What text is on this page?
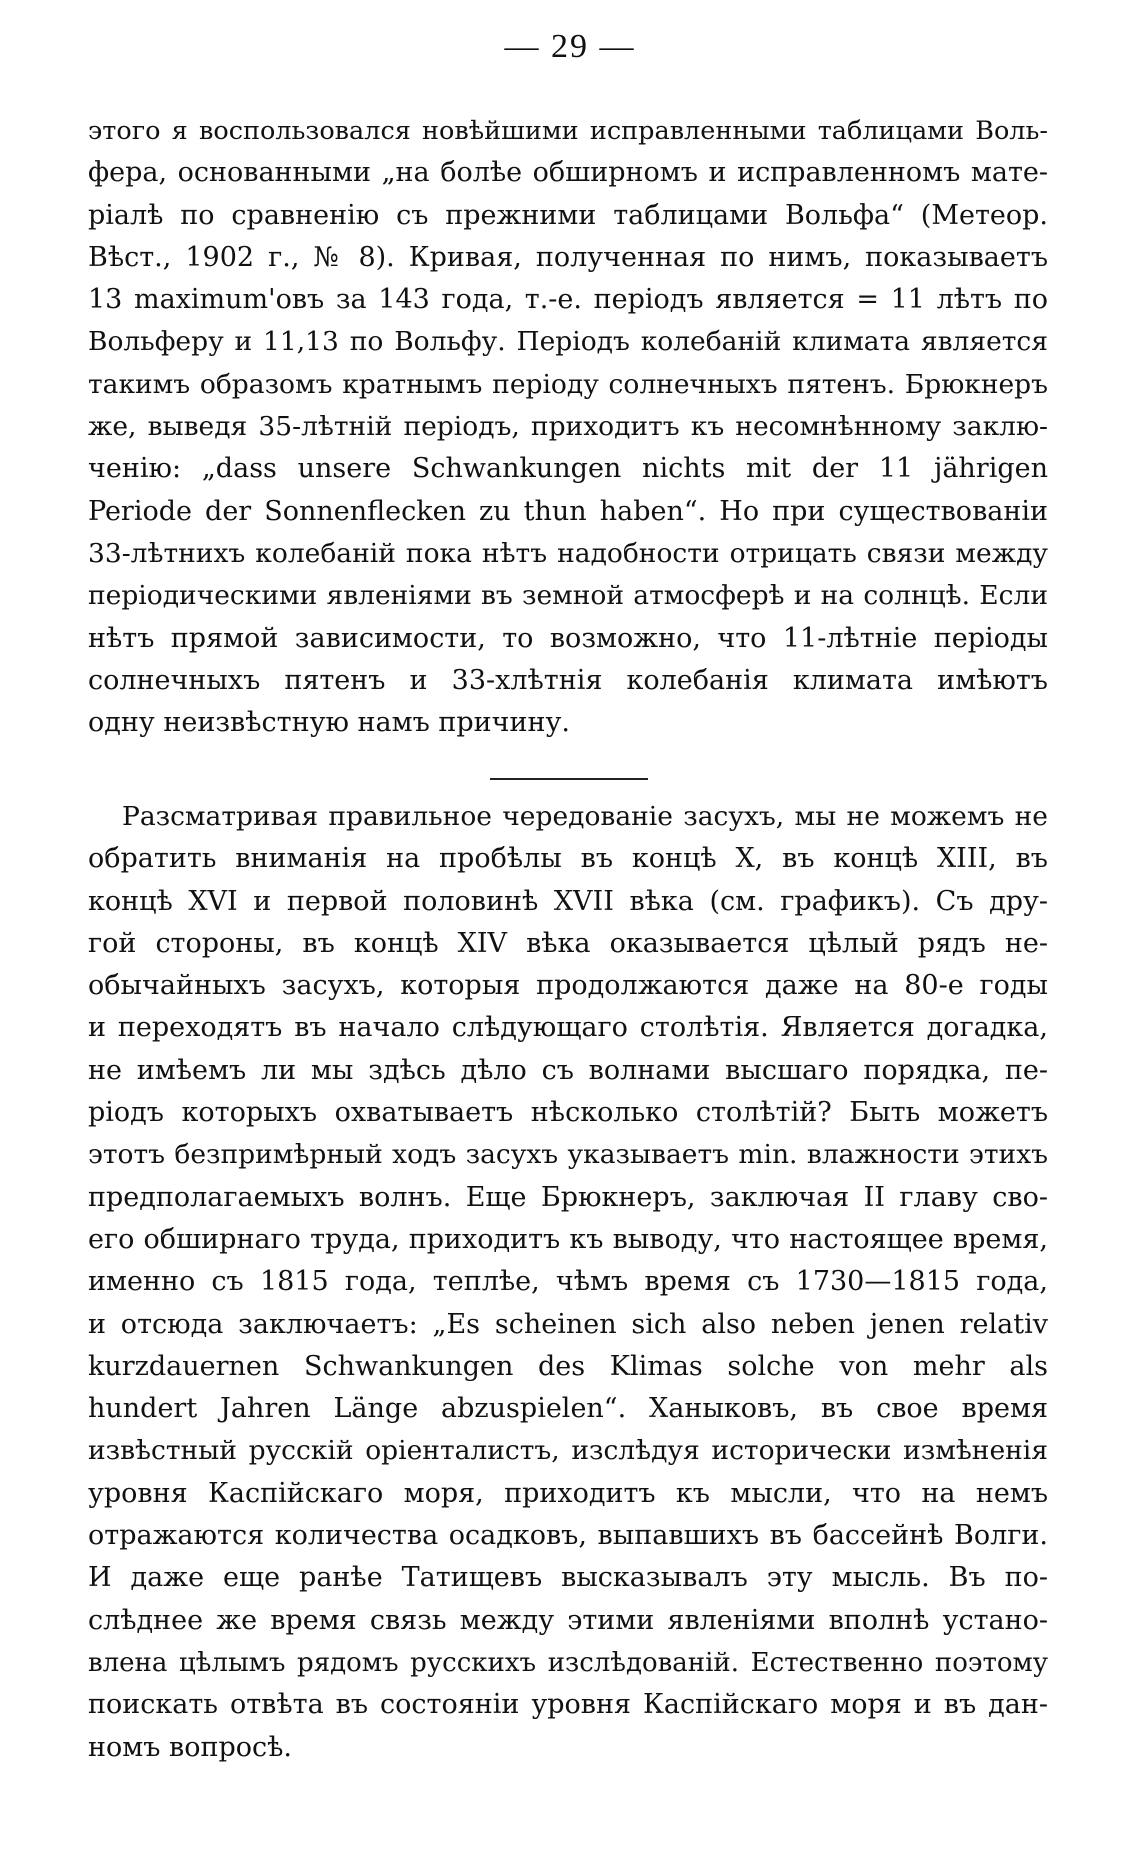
— 29 —
этого я воспользовался новѣйшими исправленными таблицами Воль-
фера, основанными „на болѣе обширномъ и исправленномъ мате-
ріалѣ по сравненію съ прежними таблицами Вольфа“ (Метеор.
Вѣст., 1902 г., № 8). Кривая, полученная по нимъ, показываетъ
13 maximum'овъ за 143 года, т.-е. періодъ является = 11 лѣтъ по
Вольферу и 11,13 по Вольфу. Періодъ колебаній климата является
такимъ образомъ кратнымъ періоду солнечныхъ пятенъ. Брюкнеръ
же, выведя 35-лѣтній періодъ, приходитъ къ несомнѣнному заклю-
ченію: „dass unsere Schwankungen nichts mit der 11 jährigen
Periode der Sonnenflecken zu thun haben“. Но при существованіи
33-лѣтнихъ колебаній пока нѣтъ надобности отрицать связи между
періодическими явленіями въ земной атмосферѣ и на солнцѣ. Если
нѣтъ прямой зависимости, то возможно, что 11-лѣтніе періоды
солнечныхъ пятенъ и 33-хлѣтнія колебанія климата имѣютъ
одну неизвѣстную намъ причину.
Разсматривая правильное чередованіе засухъ, мы не можемъ не
обратить вниманія на пробѣлы въ концѣ X, въ концѣ XIII, въ
концѣ XVI и первой половинѣ XVII вѣка (см. графикъ). Съ дру-
гой стороны, въ концѣ XIV вѣка оказывается цѣлый рядъ не-
обычайныхъ засухъ, которыя продолжаются даже на 80-е годы
и переходятъ въ начало слѣдующаго столѣтія. Является догадка,
не имѣемъ ли мы здѣсь дѣло съ волнами высшаго порядка, пе-
ріодъ которыхъ охватываетъ нѣсколько столѣтій? Быть можетъ
этотъ безпримѣрный ходъ засухъ указываетъ min. влажности этихъ
предполагаемыхъ волнъ. Еще Брюкнеръ, заключая II главу сво-
его обширнаго труда, приходитъ къ выводу, что настоящее время,
именно съ 1815 года, теплѣе, чѣмъ время съ 1730—1815 года,
и отсюда заключаетъ: „Es scheinen sich also neben jenen relativ
kurzdauernen Schwankungen des Klimas solche von mehr als
hundert Jahren Länge abzuspielen“. Ханыковъ, въ свое время
извѣстный русскій оріенталистъ, изслѣдуя исторически измѣненія
уровня Каспійскаго моря, приходитъ къ мысли, что на немъ
отражаются количества осадковъ, выпавшихъ въ бассейнѣ Волги.
И даже еще ранѣе Татищевъ высказывалъ эту мысль. Въ по-
слѣднее же время связь между этими явленіями вполнѣ устано-
влена цѣлымъ рядомъ русскихъ изслѣдованій. Естественно поэтому
поискать отвѣта въ состояніи уровня Каспійскаго моря и въ дан-
номъ вопросѣ.
